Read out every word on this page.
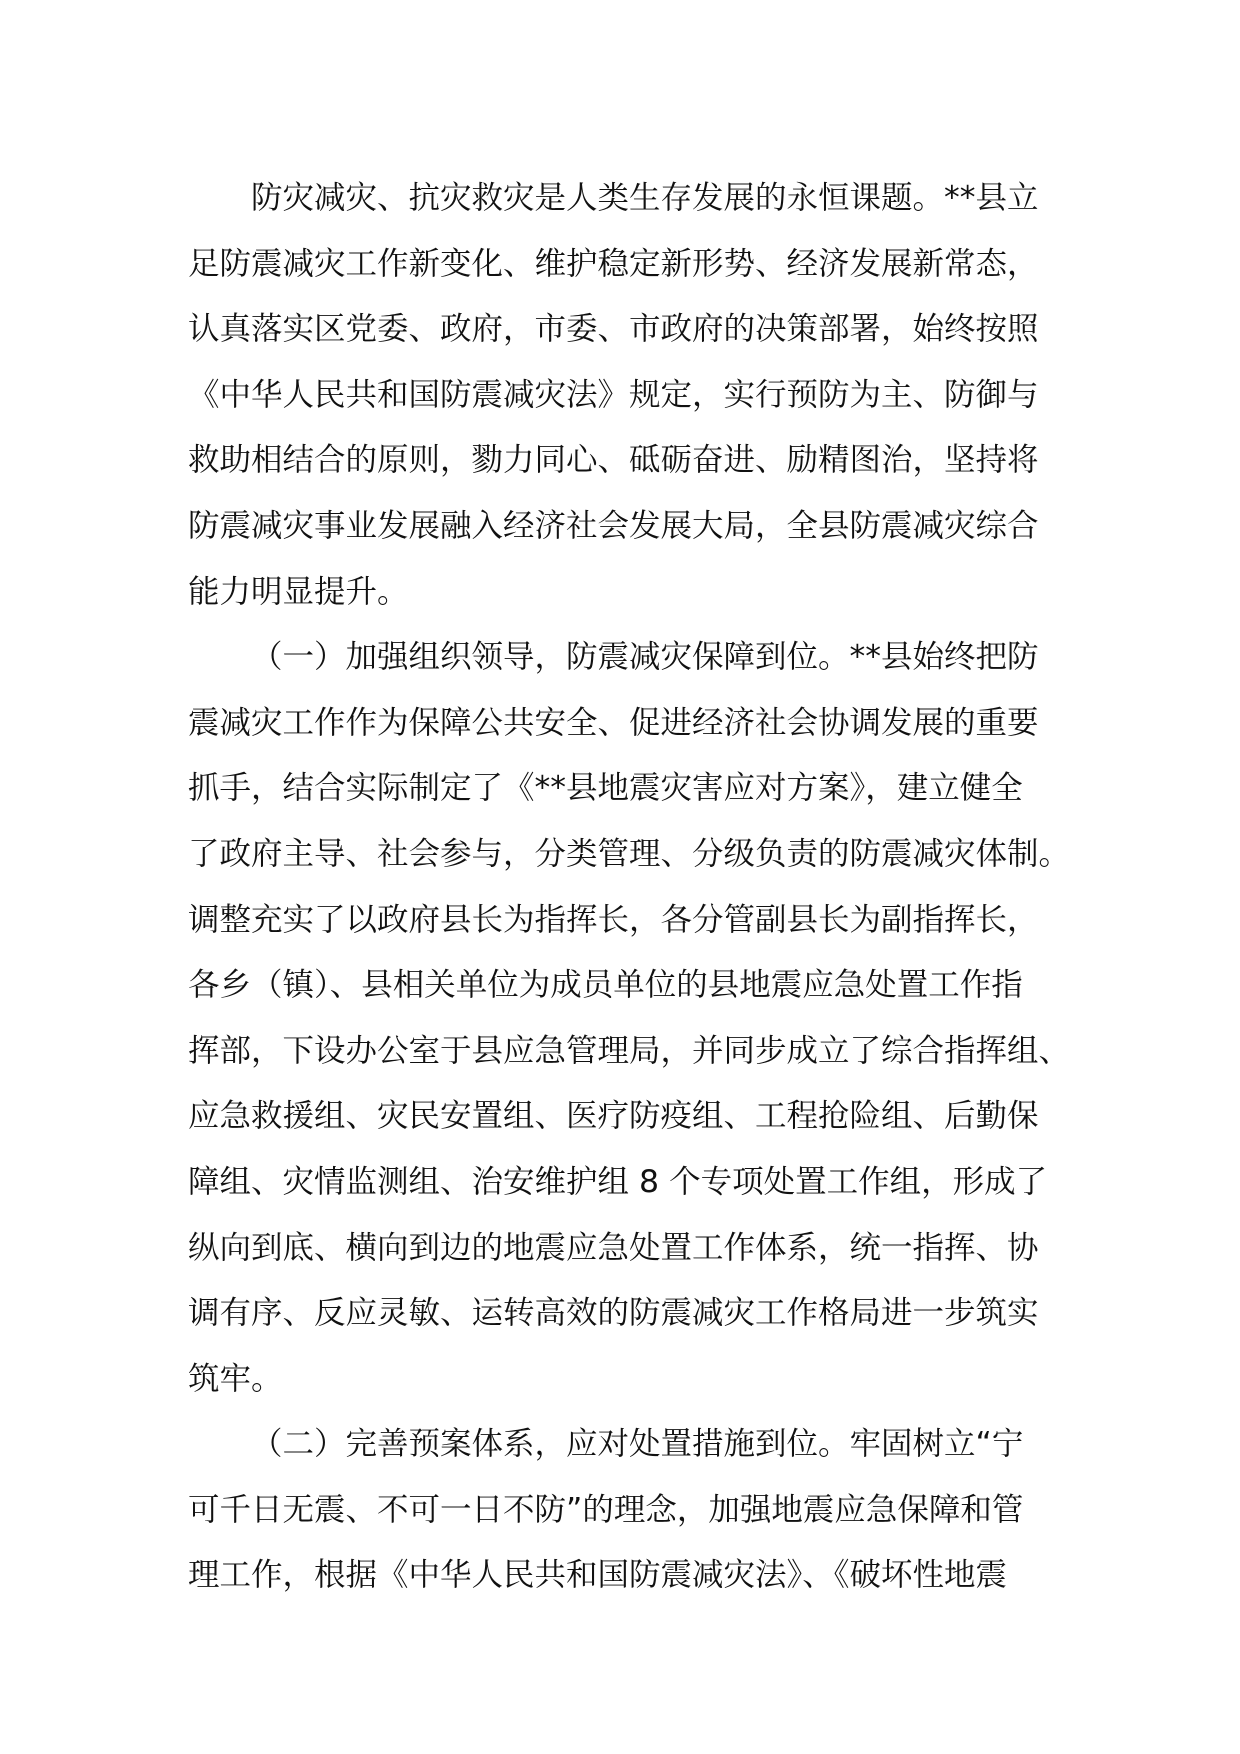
防灾减灾、抗灾救灾是人类生存发展的永恒课题。**县立
足防震减灾工作新变化、维护稳定新形势、经济发展新常态，
认真落实区党委、政府，市委、市政府的决策部署，始终按照
《中华人民共和国防震减灾法》规定，实行预防为主、防御与
救助相结合的原则，勠力同心、砥砺奋进、励精图治，坚持将
防震减灾事业发展融入经济社会发展大局，全县防震减灾综合
能力明显提升。
（一）加强组织领导，防震减灾保障到位。**县始终把防
震减灾工作作为保障公共安全、促进经济社会协调发展的重要
抓手，结合实际制定了《**县地震灾害应对方案》，建立健全
了政府主导、社会参与，分类管理、分级负责的防震减灾体制。
调整充实了以政府县长为指挥长，各分管副县长为副指挥长，
各乡（镇）、县相关单位为成员单位的县地震应急处置工作指
挥部，下设办公室于县应急管理局，并同步成立了综合指挥组、
应急救援组、灾民安置组、医疗防疫组、工程抢险组、后勤保
障组、灾情监测组、治安维护组 8 个专项处置工作组，形成了
纵向到底、横向到边的地震应急处置工作体系，统一指挥、协
调有序、反应灵敏、运转高效的防震减灾工作格局进一步筑实
筑牢。
（二）完善预案体系，应对处置措施到位。牢固树立“宁
可千日无震、不可一日不防”的理念，加强地震应急保障和管
理工作，根据《中华人民共和国防震减灾法》、《破坏性地震
